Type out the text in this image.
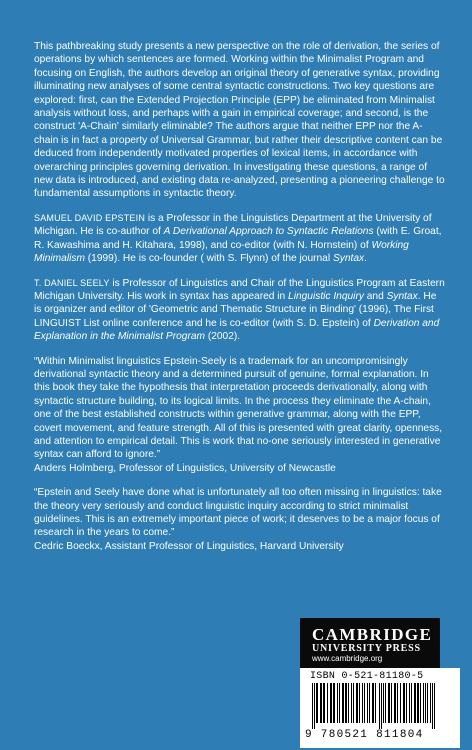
This pathbreaking study presents a new perspective on the role of derivation, the series of operations by which sentences are formed. Working within the Minimalist Program and focusing on English, the authors develop an original theory of generative syntax, providing illuminating new analyses of some central syntactic constructions. Two key questions are explored: first, can the Extended Projection Principle (EPP) be eliminated from Minimalist analysis without loss, and perhaps with a gain in empirical coverage; and second, is the construct 'A-Chain' similarly eliminable? The authors argue that neither EPP nor the A-chain is in fact a property of Universal Grammar, but rather their descriptive content can be deduced from independently motivated properties of lexical items, in accordance with overarching principles governing derivation. In investigating these questions, a range of new data is introduced, and existing data re-analyzed, presenting a pioneering challenge to fundamental assumptions in syntactic theory.

SAMUEL DAVID EPSTEIN is a Professor in the Linguistics Department at the University of Michigan. He is co-author of A Derivational Approach to Syntactic Relations (with E. Groat, R. Kawashima and H. Kitahara, 1998), and co-editor (with N. Hornstein) of Working Minimalism (1999). He is co-founder ( with S. Flynn) of the journal Syntax.

T. DANIEL SEELY is Professor of Linguistics and Chair of the Linguistics Program at Eastern Michigan University. His work in syntax has appeared in Linguistic Inquiry and Syntax. He is organizer and editor of 'Geometric and Thematic Structure in Binding' (1996), The First LINGUIST List online conference and he is co-editor (with S. D. Epstein) of Derivation and Explanation in the Minimalist Program (2002).

“Within Minimalist linguistics Epstein-Seely is a trademark for an uncompromisingly derivational syntactic theory and a determined pursuit of genuine, formal explanation. In this book they take the hypothesis that interpretation proceeds derivationally, along with syntactic structure building, to its logical limits. In the process they eliminate the A-chain, one of the best established constructs within generative grammar, along with the EPP, covert movement, and feature strength. All of this is presented with great clarity, openness, and attention to empirical detail. This is work that no-one seriously interested in generative syntax can afford to ignore.”

Anders Holmberg, Professor of Linguistics, University of Newcastle

“Epstein and Seely have done what is unfortunately all too often missing in linguistics: take the theory very seriously and conduct linguistic inquiry according to strict minimalist guidelines. This is an extremely important piece of work; it deserves to be a major focus of research in the years to come.”

Cedric Boeckx, Assistant Professor of Linguistics, Harvard University

CAMBRIDGE
UNIVERSITY PRESS
www.cambridge.org
ISBN 0-521-81180-5
9 780521 811804
